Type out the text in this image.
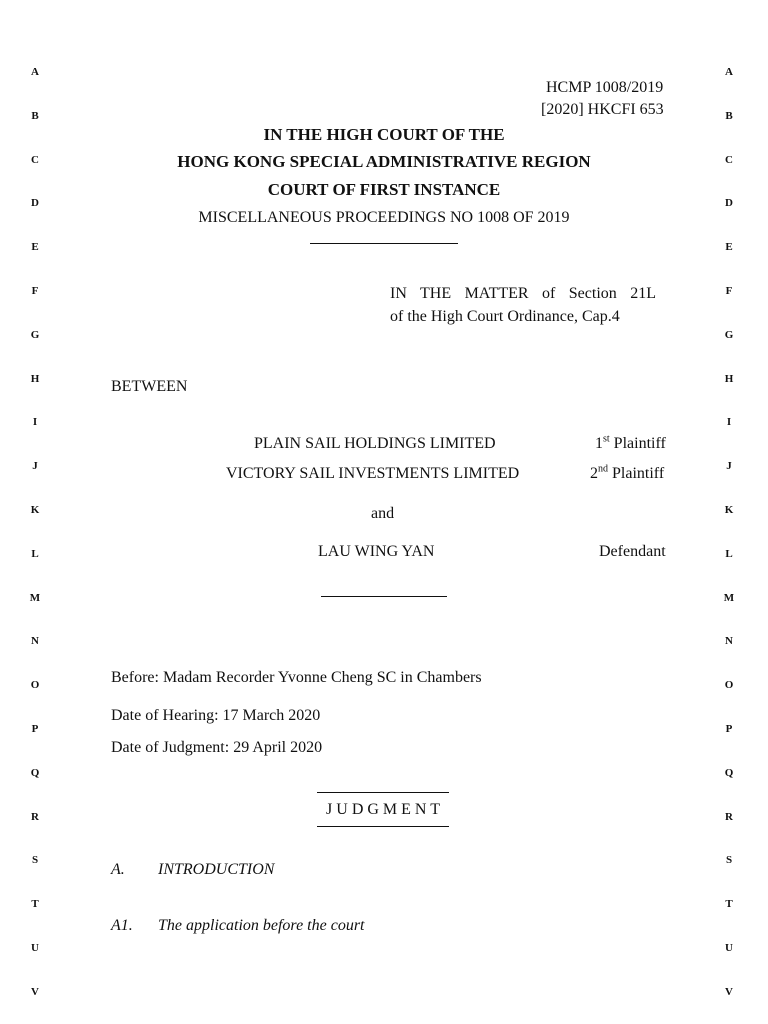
A	A
B	B
C	C
D	D
E	E
F	F
G	G
H	H
I	I
J	J
K	K
L	L
M	M
N	N
O	O
P	P
Q	Q
R	R
S	S
T	T
U	U
V	V
HCMP 1008/2019
[2020] HKCFI 653
IN THE HIGH COURT OF THE
HONG KONG SPECIAL ADMINISTRATIVE REGION
COURT OF FIRST INSTANCE
MISCELLANEOUS PROCEEDINGS NO 1008 OF 2019
IN THE MATTER of Section 21L
of the High Court Ordinance, Cap.4
BETWEEN
PLAIN SAIL HOLDINGS LIMITED	1st Plaintiff
VICTORY SAIL INVESTMENTS LIMITED	2nd Plaintiff
and
LAU WING YAN	Defendant
Before: Madam Recorder Yvonne Cheng SC in Chambers
Date of Hearing: 17 March 2020
Date of Judgment: 29 April 2020
J U D G M E N T
A. INTRODUCTION
A1. The application before the court
